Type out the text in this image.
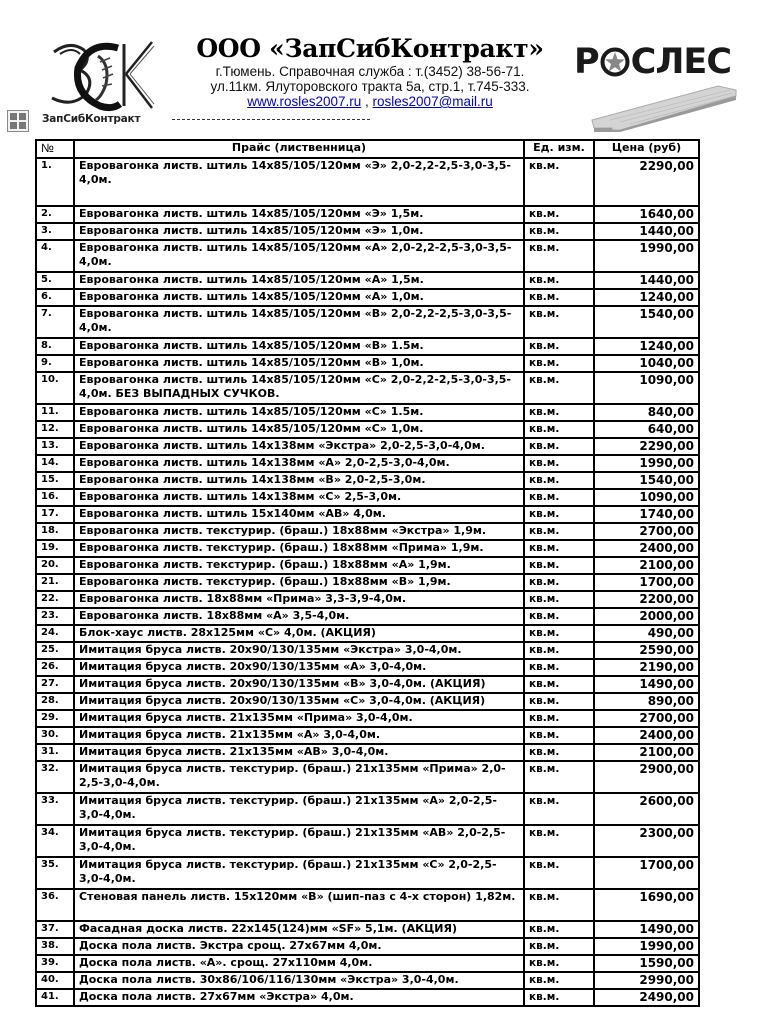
ЗапСибКонтракт
ООО «ЗапСибКонтракт»
г.Тюмень. Справочная служба : т.(3452) 38-56-71.
ул.11км. Ялуторовского тракта 5а, стр.1, т.745-333.
www.rosles2007.ru , rosles2007@mail.ru
Р СЛЕС
№	Прайс (лиственница)	Ед. изм.	Цена (руб)
1.	Евровагонка листв. штиль 14х85/105/120мм «Э» 2,0-2,2-2,5-3,0-3,5-4,0м.	кв.м.	2290,00
2.	Евровагонка листв. штиль 14х85/105/120мм «Э» 1,5м.	кв.м.	1640,00
3.	Евровагонка листв. штиль 14х85/105/120мм «Э» 1,0м.	кв.м.	1440,00
4.	Евровагонка листв. штиль 14х85/105/120мм «А» 2,0-2,2-2,5-3,0-3,5-4,0м.	кв.м.	1990,00
5.	Евровагонка листв. штиль 14х85/105/120мм «А» 1,5м.	кв.м.	1440,00
6.	Евровагонка листв. штиль 14х85/105/120мм «А» 1,0м.	кв.м.	1240,00
7.	Евровагонка листв. штиль 14х85/105/120мм «В» 2,0-2,2-2,5-3,0-3,5-4,0м.	кв.м.	1540,00
8.	Евровагонка листв. штиль 14х85/105/120мм «В» 1.5м.	кв.м.	1240,00
9.	Евровагонка листв. штиль 14х85/105/120мм «В» 1,0м.	кв.м.	1040,00
10.	Евровагонка листв. штиль 14х85/105/120мм «С» 2,0-2,2-2,5-3,0-3,5-4,0м. БЕЗ ВЫПАДНЫХ СУЧКОВ.	кв.м.	1090,00
11.	Евровагонка листв. штиль 14х85/105/120мм «С» 1.5м.	кв.м.	840,00
12.	Евровагонка листв. штиль 14х85/105/120мм «С» 1,0м.	кв.м.	640,00
13.	Евровагонка листв. штиль 14х138мм «Экстра» 2,0-2,5-3,0-4,0м.	кв.м.	2290,00
14.	Евровагонка листв. штиль 14х138мм «А» 2,0-2,5-3,0-4,0м.	кв.м.	1990,00
15.	Евровагонка листв. штиль 14х138мм «В» 2,0-2,5-3,0м.	кв.м.	1540,00
16.	Евровагонка листв. штиль 14х138мм «С» 2,5-3,0м.	кв.м.	1090,00
17.	Евровагонка листв. штиль 15х140мм «АВ» 4,0м.	кв.м.	1740,00
18.	Евровагонка листв. текстурир. (браш.) 18х88мм «Экстра» 1,9м.	кв.м.	2700,00
19.	Евровагонка листв. текстурир. (браш.) 18х88мм «Прима» 1,9м.	кв.м.	2400,00
20.	Евровагонка листв. текстурир. (браш.) 18х88мм «А» 1,9м.	кв.м.	2100,00
21.	Евровагонка листв. текстурир. (браш.) 18х88мм «В» 1,9м.	кв.м.	1700,00
22.	Евровагонка листв. 18х88мм «Прима» 3,3-3,9-4,0м.	кв.м.	2200,00
23.	Евровагонка листв. 18х88мм «А» 3,5-4,0м.	кв.м.	2000,00
24.	Блок-хаус листв. 28х125мм «С» 4,0м. (АКЦИЯ)	кв.м.	490,00
25.	Имитация бруса листв. 20х90/130/135мм «Экстра» 3,0-4,0м.	кв.м.	2590,00
26.	Имитация бруса листв. 20х90/130/135мм «А» 3,0-4,0м.	кв.м.	2190,00
27.	Имитация бруса листв. 20х90/130/135мм «В» 3,0-4,0м. (АКЦИЯ)	кв.м.	1490,00
28.	Имитация бруса листв. 20х90/130/135мм «С» 3,0-4,0м. (АКЦИЯ)	кв.м.	890,00
29.	Имитация бруса листв. 21х135мм «Прима» 3,0-4,0м.	кв.м.	2700,00
30.	Имитация бруса листв. 21х135мм «А» 3,0-4,0м.	кв.м.	2400,00
31.	Имитация бруса листв. 21х135мм «АВ» 3,0-4,0м.	кв.м.	2100,00
32.	Имитация бруса листв. текстурир. (браш.) 21х135мм «Прима» 2,0-2,5-3,0-4,0м.	кв.м.	2900,00
33.	Имитация бруса листв. текстурир. (браш.) 21х135мм «А» 2,0-2,5-3,0-4,0м.	кв.м.	2600,00
34.	Имитация бруса листв. текстурир. (браш.) 21х135мм «АВ» 2,0-2,5-3,0-4,0м.	кв.м.	2300,00
35.	Имитация бруса листв. текстурир. (браш.) 21х135мм «С» 2,0-2,5-3,0-4,0м.	кв.м.	1700,00
36.	Стеновая панель листв. 15х120мм «В» (шип-паз с 4-х сторон) 1,82м.	кв.м.	1690,00
37.	Фасадная доска листв. 22х145(124)мм «SF» 5,1м. (АКЦИЯ)	кв.м.	1490,00
38.	Доска пола листв. Экстра срощ. 27х67мм 4,0м.	кв.м.	1990,00
39.	Доска пола листв. «А». срощ. 27х110мм 4,0м.	кв.м.	1590,00
40.	Доска пола листв. 30х86/106/116/130мм «Экстра» 3,0-4,0м.	кв.м.	2990,00
41.	Доска пола листв. 27х67мм «Экстра» 4,0м.	кв.м.	2490,00
